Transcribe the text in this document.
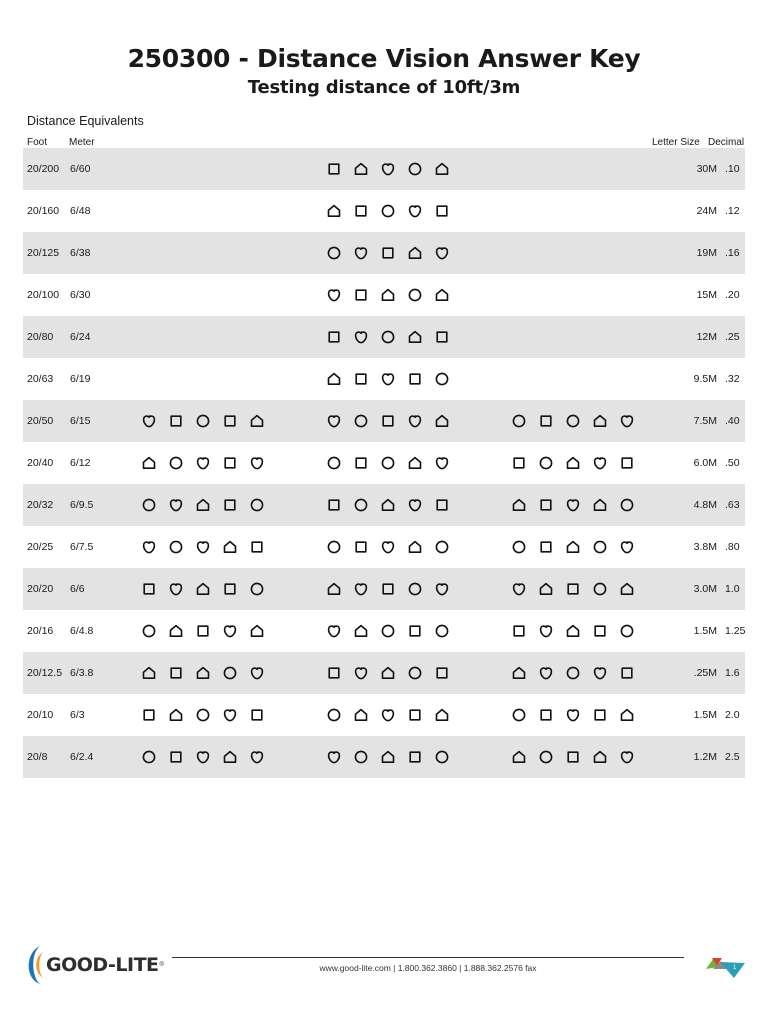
250300 - Distance Vision Answer Key
Testing distance of 10ft/3m
Distance Equivalents
Foot Meter	Letter Size Decimal
20/200 6/60	30M .10
20/160 6/48	24M .12
20/125 6/38	19M .16
20/100 6/30	15M .20
20/80 6/24	12M .25
20/63 6/19	9.5M .32
20/50 6/15	7.5M .40
20/40 6/12	6.0M .50
20/32 6/9.5	4.8M .63
20/25 6/7.5	3.8M .80
20/20 6/6	3.0M 1.0
20/16 6/4.8	1.5M 1.25
20/12.5 6/3.8	.25M 1.6
20/10 6/3	1.5M 2.0
20/8 6/2.4	1.2M 2.5
GOOD-LITE ®	www.good-lite.com | 1.800.362.3860 | 1.888.362.2576 fax	1
